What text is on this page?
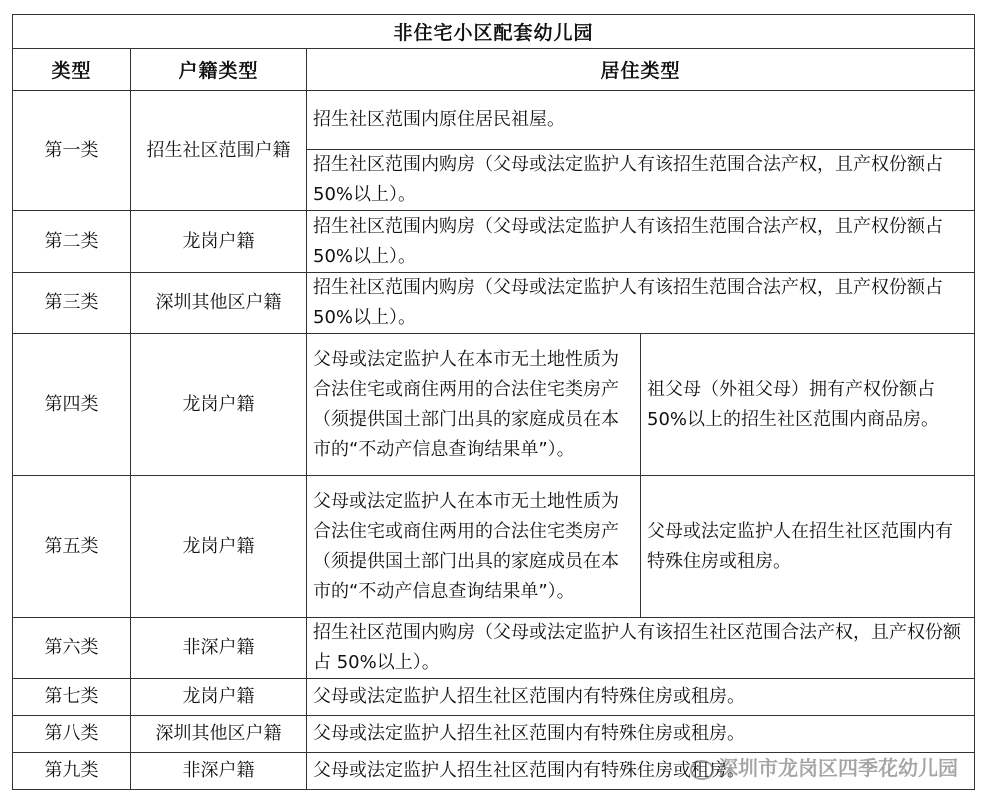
非住宅小区配套幼儿园			
类型	户籍类型	居住类型	
第一类	招生社区范围户籍	招生社区范围内原住居民祖屋。	
		招生社区范围内购房（父母或法定监护人有该招生范围合法产权，且产权份额占 50%以上）。	
第二类	龙岗户籍	招生社区范围内购房（父母或法定监护人有该招生范围合法产权，且产权份额占 50%以上）。	
第三类	深圳其他区户籍	招生社区范围内购房（父母或法定监护人有该招生范围合法产权，且产权份额占 50%以上）。	
第四类	龙岗户籍	父母或法定监护人在本市无土地性质为合法住宅或商住两用的合法住宅类房产（须提供国土部门出具的家庭成员在本市的“不动产信息查询结果单”）。	祖父母（外祖父母）拥有产权份额占 50%以上的招生社区范围内商品房。
第五类	龙岗户籍	父母或法定监护人在本市无土地性质为合法住宅或商住两用的合法住宅类房产（须提供国土部门出具的家庭成员在本市的“不动产信息查询结果单”）。	父母或法定监护人在招生社区范围内有特殊住房或租房。
第六类	非深户籍	招生社区范围内购房（父母或法定监护人有该招生社区范围合法产权，且产权份额占 50%以上）。	
第七类	龙岗户籍	父母或法定监护人招生社区范围内有特殊住房或租房。	
第八类	深圳其他区户籍	父母或法定监护人招生社区范围内有特殊住房或租房。	
第九类	非深户籍	父母或法定监护人招生社区范围内有特殊住房或租房。	
深圳市龙岗区四季花幼儿园
